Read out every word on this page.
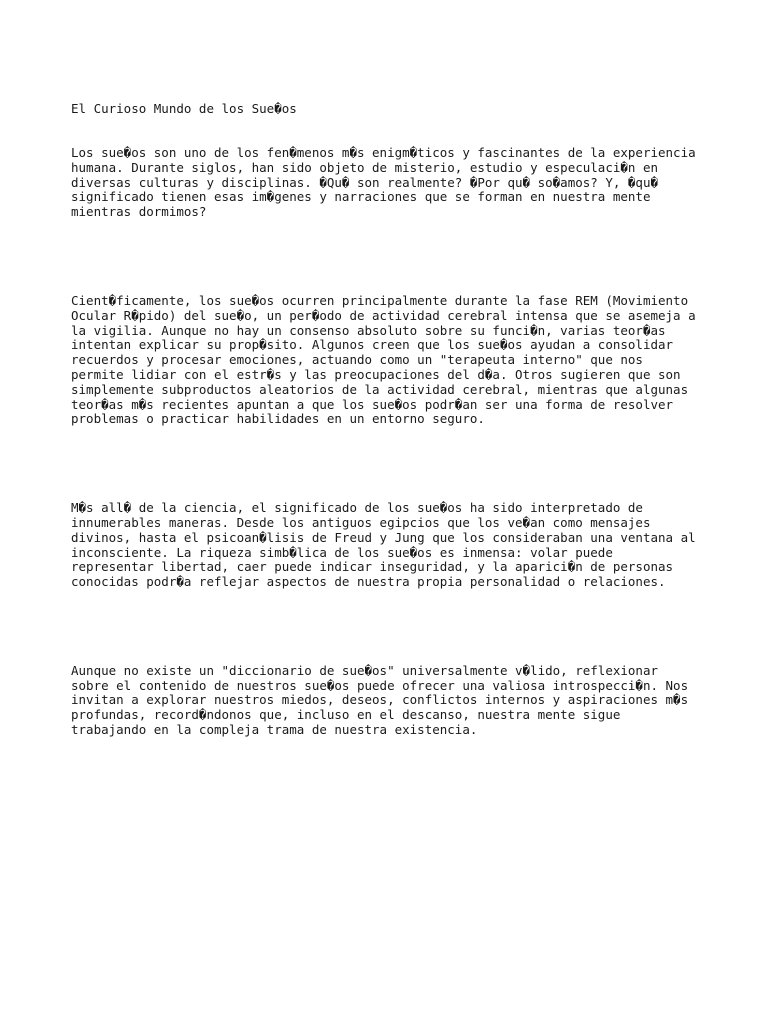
El Curioso Mundo de los Sue�os

Los sue�os son uno de los fen�menos m�s enigm�ticos y fascinantes de la experiencia
humana. Durante siglos, han sido objeto de misterio, estudio y especulaci�n en
diversas culturas y disciplinas. �Qu� son realmente? �Por qu� so�amos? Y, �qu�
significado tienen esas im�genes y narraciones que se forman en nuestra mente
mientras dormimos?

Cient�ficamente, los sue�os ocurren principalmente durante la fase REM (Movimiento
Ocular R�pido) del sue�o, un per�odo de actividad cerebral intensa que se asemeja a
la vigilia. Aunque no hay un consenso absoluto sobre su funci�n, varias teor�as
intentan explicar su prop�sito. Algunos creen que los sue�os ayudan a consolidar
recuerdos y procesar emociones, actuando como un "terapeuta interno" que nos
permite lidiar con el estr�s y las preocupaciones del d�a. Otros sugieren que son
simplemente subproductos aleatorios de la actividad cerebral, mientras que algunas
teor�as m�s recientes apuntan a que los sue�os podr�an ser una forma de resolver
problemas o practicar habilidades en un entorno seguro.

M�s all� de la ciencia, el significado de los sue�os ha sido interpretado de
innumerables maneras. Desde los antiguos egipcios que los ve�an como mensajes
divinos, hasta el psicoan�lisis de Freud y Jung que los consideraban una ventana al
inconsciente. La riqueza simb�lica de los sue�os es inmensa: volar puede
representar libertad, caer puede indicar inseguridad, y la aparici�n de personas
conocidas podr�a reflejar aspectos de nuestra propia personalidad o relaciones.

Aunque no existe un "diccionario de sue�os" universalmente v�lido, reflexionar
sobre el contenido de nuestros sue�os puede ofrecer una valiosa introspecci�n. Nos
invitan a explorar nuestros miedos, deseos, conflictos internos y aspiraciones m�s
profundas, record�ndonos que, incluso en el descanso, nuestra mente sigue
trabajando en la compleja trama de nuestra existencia.
